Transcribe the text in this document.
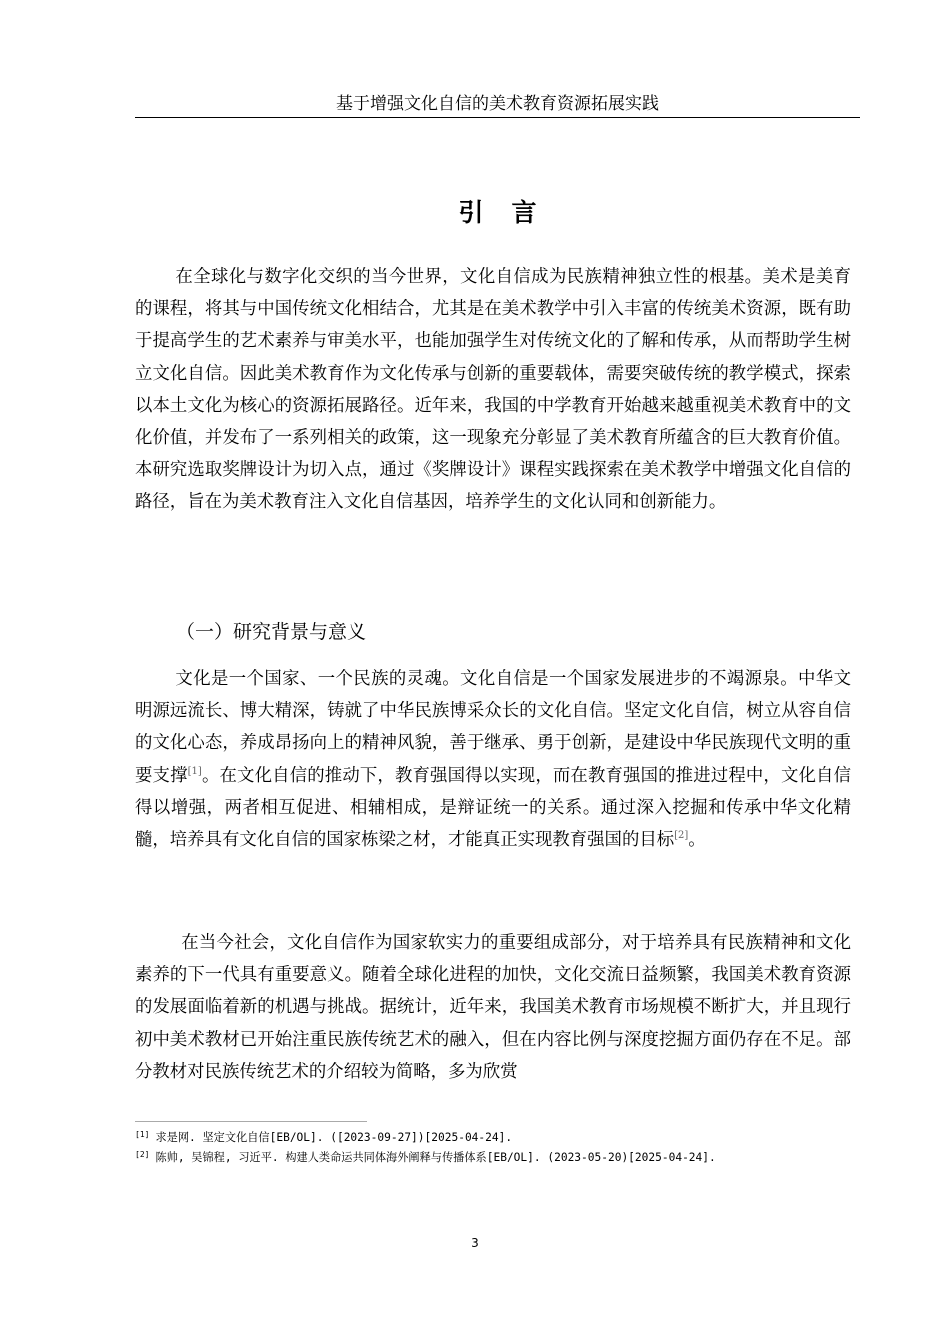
基于增强文化自信的美术教育资源拓展实践
引言
在全球化与数字化交织的当今世界，文化自信成为民族精神独立性的根基。美术是美育的课程，将其与中国传统文化相结合，尤其是在美术教学中引入丰富的传统美术资源，既有助于提高学生的艺术素养与审美水平，也能加强学生对传统文化的了解和传承，从而帮助学生树立文化自信。因此美术教育作为文化传承与创新的重要载体，需要突破传统的教学模式，探索以本土文化为核心的资源拓展路径。近年来，我国的中学教育开始越来越重视美术教育中的文化价值，并发布了一系列相关的政策，这一现象充分彰显了美术教育所蕴含的巨大教育价值。本研究选取奖牌设计为切入点，通过《奖牌设计》课程实践探索在美术教学中增强文化自信的路径，旨在为美术教育注入文化自信基因，培养学生的文化认同和创新能力。
（一）研究背景与意义
文化是一个国家、一个民族的灵魂。文化自信是一个国家发展进步的不竭源泉。中华文明源远流长、博大精深，铸就了中华民族博采众长的文化自信。坚定文化自信，树立从容自信的文化心态，养成昂扬向上的精神风貌，善于继承、勇于创新，是建设中华民族现代文明的重要支撑[1]。在文化自信的推动下，教育强国得以实现，而在教育强国的推进过程中，文化自信得以增强，两者相互促进、相辅相成，是辩证统一的关系。通过深入挖掘和传承中华文化精髓，培养具有文化自信的国家栋梁之材，才能真正实现教育强国的目标[2]。
在当今社会，文化自信作为国家软实力的重要组成部分，对于培养具有民族精神和文化素养的下一代具有重要意义。随着全球化进程的加快，文化交流日益频繁，我国美术教育资源的发展面临着新的机遇与挑战。据统计，近年来，我国美术教育市场规模不断扩大，并且现行初中美术教材已开始注重民族传统艺术的融入，但在内容比例与深度挖掘方面仍存在不足。部分教材对民族传统艺术的介绍较为简略，多为欣赏
[1] 求是网. 坚定文化自信[EB/OL]. ([2023-09-27])[2025-04-24].
[2] 陈帅, 吴锦程, 习近平. 构建人类命运共同体海外阐释与传播体系[EB/OL]. (2023-05-20)[2025-04-24].
3
